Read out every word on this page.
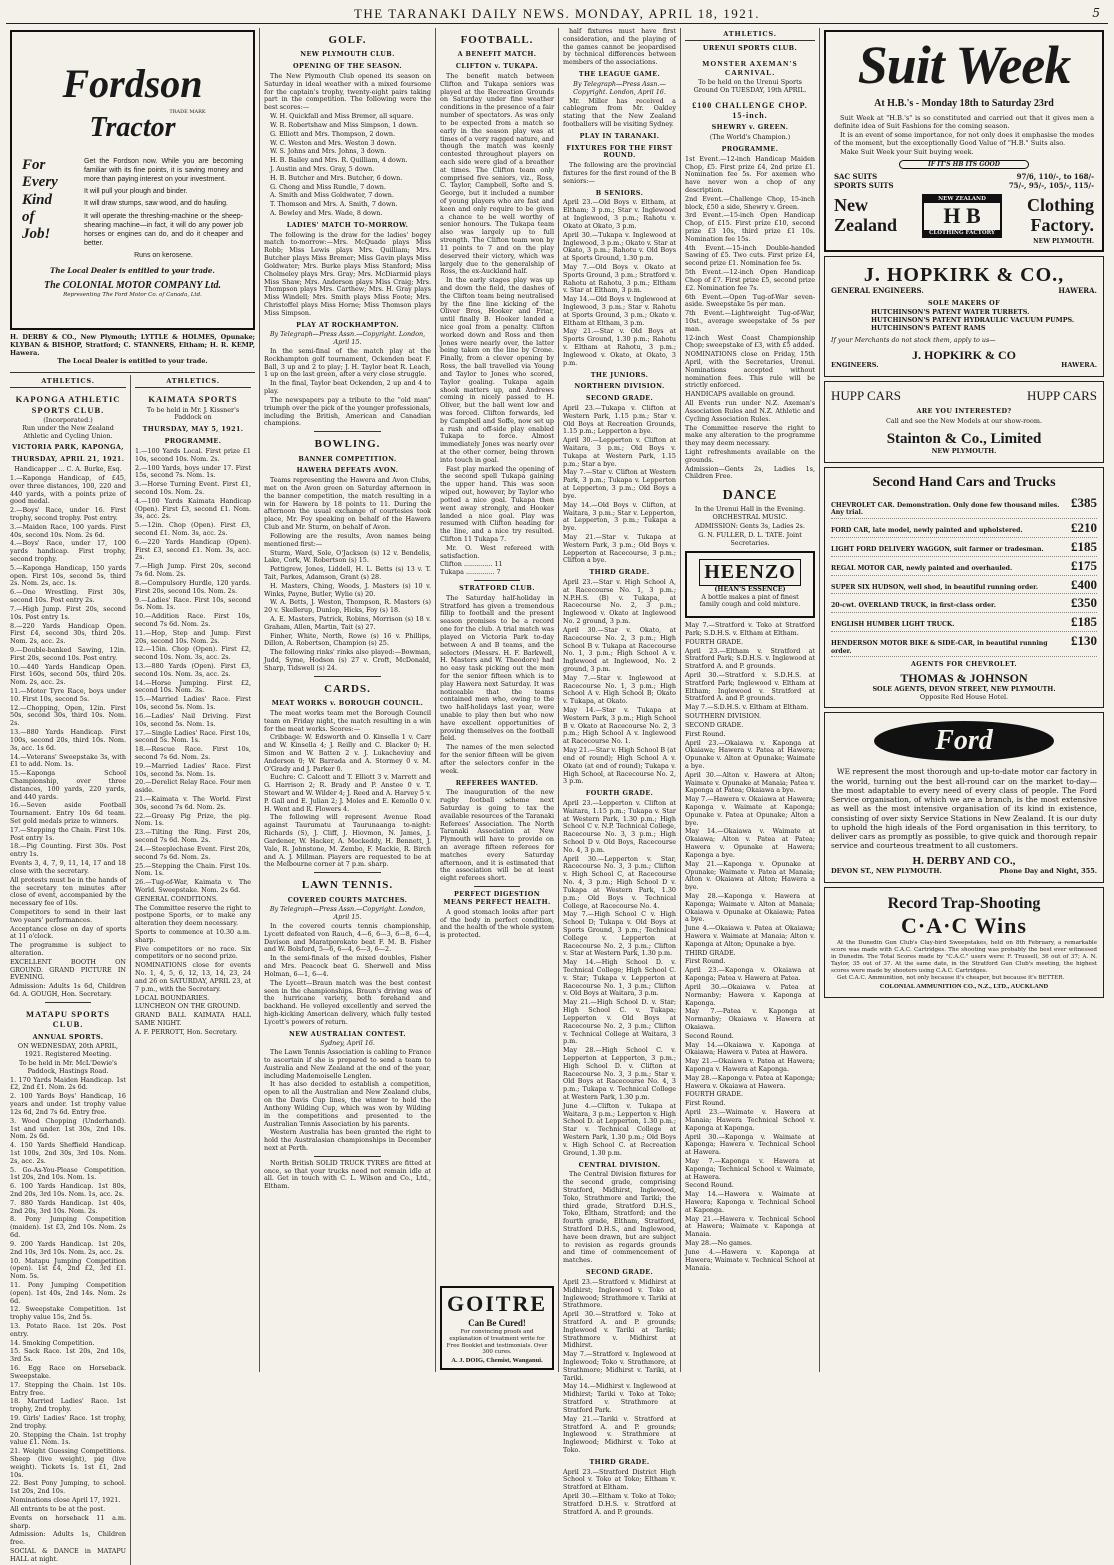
THE TARANAKI DAILY NEWS. MONDAY, APRIL 18, 1921.	5
Fordson
TRADE MARK
Tractor
For
Every
Kind
of
Job!

Get the Fordson now. While you are becoming familiar with its fine points, it is saving money and more than paying interest on your investment.

It will pull your plough and binder.

It will draw stumps, saw wood, and do hauling.

It will operate the threshing-machine or the sheep-shearing machine—in fact, it will do any power job horses or engines can do, and do it cheaper and better.

Runs on kerosene.

The Local Dealer is entitled to your trade.
The COLONIAL MOTOR COMPANY Ltd.
Representing The Ford Motor Co. of Canada, Ltd.

H. DERBY & CO., New Plymouth; LYTTLE & HOLMES, Opunake; KLYBAN & BISHOP, Stratford; C. STANNERS, Eltham; H. R. KEMP, Hawera.

The Local Dealer is entitled to your trade.

ATHLETICS.
KAPONGA ATHLETIC SPORTS CLUB.
(Incorporated.)

Run under the New Zealand Athletic and Cycling Union.

VICTORIA PARK, KAPONGA,
THURSDAY, APRIL 21, 1921.

Handicapper ... C. A. Burke, Esq.

1.—Kaponga Handicap, of £45, over three distances, 100, 220 and 440 yards, with a points prize of good medal.

2.—Boys' Race, under 16. First trophy, second trophy. Post entry.

3.—Maiden Race, 100 yards. First 40s, second 10s. Nom. 2s 6d.

4.—Boys' Race, under 17, 100 yards handicap. First trophy, second trophy.

5.—Kaponga Handicap, 150 yards open. First 10s, second 5s, third 2s. Nom. 2s, acc. 1s.

6.—One Wrestling. First 30s, second 10s. Post entry 2s.

7.—High Jump. First 20s, second 10s. Post entry 1s.

8.—220 Yards Handicap Open. First £4, second 30s, third 20s. Nom. 2s, acc. 2s.

9.—Double-banked Sawing, 12in. First 20s, second 10s. Post entry.

10.—440 Yards Handicap Open. First 160s, second 50s, third 20s. Nom. 2s, acc. 2s.

11.—Motor Tyre Race, boys under 10. First 10s, second 5s.

12.—Chopping, Open, 12in. First 50s, second 30s, third 10s. Nom. 2s.

13.—880 Yards Handicap. First 100s, second 20s, third 10s. Nom. 3s, acc. 1s 6d.

14.—Veterans' Sweepstake 3s, with £1 to add. Nom. 1s.

15.—Kaponga School Championship, over three distances, 100 yards, 220 yards, and 440 yards.

16.—Seven aside Football Tournament. Entry 10s 6d team. Set gold medals prize to winners.

17.—Stepping the Chain. First 10s. Post entry 1s.

18.—Pig Counting. First 30s. Post entry 1s.

Events 3, 4, 7, 9, 11, 14, 17 and 18 close with the secretary.

All protests must be in the hands of the secretary ten minutes after close of event, accompanied by the necessary fee of 10s.

Competitors to send in their last two years' performances.

Acceptance close on day of sports at 11 o'clock.

The programme is subject to alteration.

EXCELLENT BOOTH ON GROUND. GRAND PICTURE IN EVENING.

Admission: Adults 1s 6d, Children 6d. A. GOUGH, Hon. Secretary.

MATAPU SPORTS CLUB.
ANNUAL SPORTS.

ON WEDNESDAY, 20th APRIL, 1921. Registered Meeting.

To be held in Mr. McL'Dewie's Paddock, Hastings Road.

1. 170 Yards Maiden Handicap. 1st £2, 2nd £1. Nom. 2s 6d.

2. 100 Yards Boys' Handicap, 16 years and under. 1st trophy value 12s 6d, 2nd 7s 6d. Entry free.

3. Wood Chopping (Underhand). 1st and under. 1st 30s, 2nd 10s. Nom. 2s 6d.

4. 150 Yards Sheffield Handicap. 1st 100s, 2nd 30s, 3rd 10s. Nom. 2s, acc. 2s.

5. Go-As-You-Please Competition. 1st 20s, 2nd 10s. Nom. 1s.

6. 100 Yards Handicap. 1st 80s, 2nd 20s, 3rd 10s. Nom. 1s, acc. 2s.

7. 880 Yards Handicap. 1st 40s, 2nd 20s, 3rd 10s. Nom. 2s.

8. Pony Jumping Competition (maiden). 1st £3, 2nd 10s. Nom. 2s 6d.

9. 200 Yards Handicap. 1st 20s, 2nd 10s, 3rd 10s. Nom. 2s, acc. 2s.

10. Matapu Jumping Competition (open). 1st £4, 2nd £2, 3rd £1. Nom. 5s.

11. Pony Jumping Competition (open). 1st 40s, 2nd 14s. Nom. 2s 6d.

12. Sweepstake Competition. 1st trophy value 15s, 2nd 5s.

13. Potato Race. 1st 20s. Post entry.

14. Smoking Competition.

15. Sack Race. 1st 20s, 2nd 10s, 3rd 5s.

16. Egg Race on Horseback. Sweepstake.

17. Stepping the Chain. 1st 10s. Entry free.

18. Married Ladies' Race. 1st trophy, 2nd trophy.

19. Girls' Ladies' Race. 1st trophy, 2nd trophy.

20. Stepping the Chain. 1st trophy value £1. Nom. 1s.

21. Weight Guessing Competitions. Sheep (live weight), pig (live weight). Tickets 1s. 1st £1, 2nd 10s.

22. Best Pony Jumping, to school. 1st 20s, 2nd 10s.

Nominations close April 17, 1921.

All entrants to be at the post.

Events on horseback 11 a.m. sharp.

Admission: Adults 1s, Children free.

SOCIAL & DANCE in MATAPU HALL at night.

ATHLETICS.
KAIMATA SPORTS

To be held in Mr. J. Kissner's Paddock on

THURSDAY, MAY 5, 1921.
PROGRAMME.

1.—100 Yards Local. First prize £1 10s, second 10s. Nom. 2s.

2.—100 Yards, boys under 17. First 15s, second 7s. Nom. 1s.

3.—Horse Turning Event. First £1, second 10s. Nom. 2s.

4.—100 Yards Kaimata Handicap (Open). First £3, second £1. Nom. 3s, acc. 2s.

5.—12in. Chop (Open). First £3, second £1. Nom. 3s, acc. 2s.

6.—220 Yards Handicap (Open). First £3, second £1. Nom. 3s, acc. 2s.

7.—High Jump. First 20s, second 7s 6d. Nom. 2s.

8.—Compulsory Hurdle, 120 yards. First 20s, second 10s. Nom. 2s.

9.—Ladies' Race. First 10s, second 5s. Nom. 1s.

10.—Addition Race. First 10s, second 7s 6d. Nom. 2s.

11.—Hop, Step and Jump. First 20s, second 10s. Nom. 2s.

12.—15in. Chop (Open). First £2, second 10s. Nom. 3s, acc. 2s.

13.—880 Yards (Open). First £3, second 10s. Nom. 3s, acc. 2s.

14.—Horse Jumping. First £2, second 10s. Nom. 3s.

15.—Married Ladies' Race. First 10s, second 5s. Nom. 1s.

16.—Ladies' Nail Driving. First 10s, second 5s. Nom. 1s.

17.—Single Ladies' Race. First 10s, second 5s. Nom. 1s.

18.—Rescue Race. First 10s, second 7s 6d. Nom. 2s.

19.—Married Ladies' Race. First 10s, second 5s. Nom. 1s.

20.—Derelict Relay Race. Four men aside.

21.—Kaimata v. The World. First 30s, second 7s 6d. Nom. 2s.

22.—Greasy Pig Prize, the pig. Nom. 1s.

23.—Tilting the Ring. First 20s, second 7s 6d. Nom. 2s.

24.—Steeplechase Event. First 20s, second 7s 6d. Nom. 2s.

25.—Stepping the Chain. First 10s. Nom. 1s.

26.—Tug-of-War, Kaimata v. The World. Sweepstake. Nom. 2s 6d.

GENERAL CONDITIONS.

The Committee reserve the right to postpone Sports, or to make any alteration they deem necessary.

Sports to commence at 10.30 a.m. sharp.

Five competitors or no race. Six competitors or no second prize.

NOMINATIONS close for events No. 1, 4, 5, 6, 12, 13, 14, 23, 24 and 26 on SATURDAY, APRIL 23, at 7 p.m., with the Secretary.

LOCAL BOUNDARIES.

LUNCHEON ON THE GROUND.

GRAND BALL KAIMATA HALL SAME NIGHT.

A. F. PERROTT, Hon. Secretary.

GOLF.
NEW PLYMOUTH CLUB.
OPENING OF THE SEASON.

The New Plymouth Club opened its season on Saturday in ideal weather with a mixed foursome for the captain's trophy, twenty-eight pairs taking part in the competition. The following were the best scores:—

W. H. Quickfall and Miss Bremer, all square.

W. R. Robertshaw and Miss Simpson, 1 down.

G. Elliott and Mrs. Thompson, 2 down.

W. C. Weston and Mrs. Weston 3 down.

W. S. Johns and Mrs. Johns, 3 down.

H. B. Bailey and Mrs. R. Quilliam, 4 down.

J. Austin and Mrs. Gray, 5 down.

H. B. Butcher and Mrs. Butcher, 6 down.

G. Chong and Miss Rundle, 7 down.

A. Smith and Miss Goldwater, 7 down.

T. Thomson and Mrs. A. Smith, 7 down.

A. Bewley and Mrs. Wade, 8 down.

LADIES' MATCH TO-MORROW.

The following is the draw for the ladies' bogey match to-morrow:—Mrs. McQuade plays Miss Robb; Miss Lewis plays Mrs. Quilliam; Mrs. Butcher plays Miss Bremer; Miss Gavin plays Miss Goldwater; Mrs. Burke plays Miss Stanford; Miss Cholmeley plays Mrs. Gray; Mrs. McDiarmid plays Miss Shaw; Mrs. Anderson plays Miss Craig; Mrs. Thompson plays Mrs. Carthew; Mrs. H. Gray plays Miss Windell; Mrs. Smith plays Miss Foote; Mrs. Christoffel plays Miss Horne; Miss Thomson plays Miss Simpson.

PLAY AT ROCKHAMPTON.

By Telegraph—Press Assn.—Copyright. London, April 15.

In the semi-final of the match play at the Rockhampton golf tournament, Ockenden beat F. Ball, 3 up and 2 to play; J. H. Taylor beat R. Leach, 1 up on the last green, after a very close struggle.

In the final, Taylor beat Ockenden, 2 up and 4 to play.

The newspapers pay a tribute to the "old man" triumph over the pick of the younger professionals, including the British, American and Canadian champions.

BOWLING.
BANNER COMPETITION.
HAWERA DEFEATS AVON.

Teams representing the Hawera and Avon Clubs, met on the Avon green on Saturday afternoon in the banner competition, the match resulting in a win for Hawera by 18 points to 11. During the afternoon the usual exchange of courtesies took place, Mr. Foy speaking on behalf of the Hawera Club and Mr. Sturm, on behalf of Avon.

Following are the results, Avon names being mentioned first:—

Sturm, Ward, Sole, O'Jackson (s) 12 v. Bendelis, Lake, Cork, W. Robertson (s) 15.

Pettigrew, Jones, Liddell, H. L. Betts (s) 13 v. T. Tait, Parkes, Adamson, Grant (s) 28.

H. Masters, Ching, Woods, J. Masters (s) 10 v. Winks, Payne, Butler, Wylie (s) 20.

W. A. Betts, J. Weston, Thompson, R. Masters (s) 20 v. Skellerup, Dunlop, Hicks, Foy (s) 18.

A. E. Masters, Patrick, Robins, Morrison (s) 18 v. Graham, Allen, Martin, Tait (s) 27.

Finher, White, North, Rowe (s) 16 v. Phillips, Dillon, A. Robertson, Champion (s) 25.

The following rinks' rinks also played:—Bowman, Judd, Syme, Hodson (s) 27 v. Croft, McDonald, Sharp, Tidswell (s) 24.

CARDS.
MEAT WORKS v. BOROUGH COUNCIL.

The meat works team met the Borough Council team on Friday night, the match resulting in a win for the meat works. Scores:—

Cribbage: W. Edsworth and O. Kinsella 1 v. Carr and W. Kinsella 4; J. Reilly and C. Blacker 0; H. Simon and W. Batten 2 v. J. Lukacheviuy and Anderson 0; W. Barrada and A. Stormey 0 v. M. O'Grady and J. Parker 0.

Euchre: C. Calcott and T. Elliott 3 v. Marrett and G. Harrison 2; R. Brady and P. Anstee 0 v. T. Stewart and W. Wilder 4; J. Reed and A. Harvey 5 v. P. Gall and E. Julian 2; J. Moles and E. Kemollo 0 v. H. Went and R. Flowers 4.

The following will represent Avenue Road against Taurumatu at Taurunaanga to-night: Richards (S), J. Cliff, J. Hiovmon, N. James, J. Gardener, W. Hacker, A. Meckeddy, H. Bennett, J. Vale, R. Johnstone, M. Zembo, F. Mackie, R. Birch and A. J. Millman. Players are requested to be at the Melbourne corner at 7 p.m. sharp.

LAWN TENNIS.
COVERED COURTS MATCHES.

By Telegraph—Press Assn.—Copyright. London, April 15.

In the covered courts tennis championship, Lycett defeated von Rauch, 4—6, 6—3, 6—8, 6—4, Davison and Maratporokato beat F. M. B. Fisher and W. Bolsford, 5—6, 6—4, 6—3, 6—2.

In the semi-finals of the mixed doubles, Fisher and Mrs. Peacock beat G. Sherwell and Miss Holman, 6—1, 6—4.

The Lycett—Braun match was the best contest seen in the championships. Braun's driving was of the hurricane variety, both forehand and backhand. He volleyed excellently and served the high-kicking American delivery, which fully tested Lycett's powers of return.

NEW AUSTRALIAN CONTEST.

Sydney, April 16.

The Lawn Tennis Association is cabling to France to ascertain if she is prepared to send a team to Australia and New Zealand at the end of the year, including Mademoiselle Lenglen.

It has also decided to establish a competition, open to all the Australian and New Zealand clubs, on the Davis Cup lines, the winner to hold the Anthony Wilding Cup, which was won by Wilding in the competitions and presented to the Australian Tennis Association by his parents.

Western Australia has been granted the right to hold the Australasian championships in December next at Perth.

North British SOLID TRUCK TYRES are fitted at once, so that your trucks need not remain idle at all. Get in touch with C. L. Wilson and Co., Ltd., Eltham.

FOOTBALL.
A BENEFIT MATCH.
CLIFTON v. TUKAPA.

The benefit match between Clifton and Tukapa seniors was played at the Recreation Grounds on Saturday under fine weather conditions in the presence of a fair number of spectators. As was only to be expected from a match so early in the season play was at times of a very ragged nature, and though the match was keenly contested throughout players on each side were glad of a breather at times. The Clifton team only comprised five seniors, viz., Ross, C. Taylor, Campbell, Softe and S. George, but it included a number of young players who are fast and keen and only require to be given a chance to be well worthy of senior honours. The Tukapa team also was largely up to full strength. The Clifton team won by 11 points to 7 and on the play deserved their victory, which was largely due to the generalship of Ross, the ex-Auckland half.

In the early stages play was up and down the field, the dashes of the Clifton team being neutralised by the fine line kicking of the Oliver Bros, Hooker and Friar, until finally B. Hooker landed a nice goal from a penalty. Clifton worked down and Ross and then Jones were nearly over, the latter being taken on the line by Crone. Finally, from a clever opening by Ross, the ball travelled via Young and Taylor to Jones who scored, Taylor goaling. Tukapa again shook matters up, and Andrews coming in nicely passed to H. Oliver, but the ball went low and was forced. Clifton forwards, led by Campbell and Soffe, now set up a rush and off-side play enabled Tukapa to force. Almost immediately Jones was nearly over at the other corner, being thrown into touch in goal.

Fast play marked the opening of the second spell Tukapa gaining the upper hand. This was soon wiped out, however, by Taylor who potted a nice goal. Tukapa then went away strongly, and Hooker landed a nice goal. Play was resumed with Clifton heading for the line, and a nice try resulted. Clifton 11 Tukapa 7.

Mr. O. West refereed with satisfaction.

Clifton .............. 11
Tukapa .............. 7
STRATFORD CLUB.

The Saturday half-holiday in Stratford has given a tremendous fillip to football and the present season promises to be a record one for the club. A trial match was played on Victoria Park to-day between A and B teams, and the selectors (Messrs. H. F. Barkwell, H. Masters and W. Theodore) had no easy task picking out the men for the senior fifteen which is to play Hawera next Saturday. It was noticeable that the teams contained men who, owing to the two half-holidays last year, were unable to play then but who now have excellent opportunities of proving themselves on the football field.

The names of the men selected for the senior fifteen will be given after the selectors confer in the week.

REFEREES WANTED.

The inauguration of the new rugby football scheme next Saturday is going to tax the available resources of the Taranaki Referees' Association. The North Taranaki Association at New Plymouth will have to provide on an average fifteen referees for matches every Saturday afternoon, and it is estimated that the association will be at least eight referees short.

PERFECT DIGESTION MEANS PERFECT HEALTH.

A good stomach looks after part of the body in perfect condition, and the health of the whole system is protected.

GOITRE
Can Be Cured!

For convincing proofs and explanation of treatment write for Free Booklet and testimonials. Over 300 cures.

A. J. DOIG, Chemist, Wanganui.

half fixtures must have first consideration, and the playing of the games cannot be jeopardised by technical differences between members of the associations.

THE LEAGUE GAME.

By Telegraph—Press Assn.—Copyright. London, April 16.

Mr. Miller has received a cablegram from Mr. Oakley stating that the New Zealand footballers will be visiting Sydney.

PLAY IN TARANAKI.
FIXTURES FOR THE FIRST ROUND.

The following are the provincial fixtures for the first round of the B seniors:—

B SENIORS.

April 23.—Old Boys v. Eltham, at Eltham; 3 p.m.; Star v. Inglewood at Inglewood, 3 p.m.; Rahotu v. Okato at Okato, 3 p.m.

April 30.—Tukapa v. Inglewood at Inglewood, 3 p.m.; Okato v. Star at Okato, 3 p.m.; Rahotu v. Old Boys at Sports Ground, 1.30 p.m.

May 7.—Old Boys v. Okato at Sports Ground, 3 p.m.; Stratford v. Rahotu at Rahotu, 3 p.m.; Eltham v. Star at Eltham, 3 p.m.

May 14.—Old Boys v. Inglewood at Inglewood, 3 p.m.; Star v. Rahotu at Sports Ground, 3 p.m.; Okato v. Eltham at Eltham, 3 p.m.

May 21.—Star v. Old Boys at Sports Ground, 1.30 p.m.; Rahotu v. Eltham at Rahotu, 3 p.m.; Inglewood v. Okato, at Okato, 3 p.m.

THE JUNIORS.
NORTHERN DIVISION.
SECOND GRADE.

April 23.—Tukapa v. Clifton at Western Park, 1.15 p.m.; Star v. Old Boys at Recreation Grounds, 1.15 p.m.; Lepperton a bye.

April 30.—Lepperton v. Clifton at Waitara, 3 p.m.; Old Boys v. Tukapa at Western Park, 1.15 p.m.; Star a bye.

May 7.—Star v. Clifton at Western Park, 3 p.m.; Tukapa v. Lepperton at Lepperton, 3 p.m.; Old Boys a bye.

May 14.—Old Boys v. Clifton, at Waitara, 3 p.m.; Star v. Lepperton, at Lepperton, 3 p.m.; Tukapa a bye.

May 21.—Star v. Tukapa at Western Park, 3 p.m.; Old Boys v. Lepperton at Racecourse, 3 p.m.; Clifton a bye.

THIRD GRADE.

April 23.—Star v. High School A, at Racecourse No. 1, 3 p.m.; N.P.H.S. (B) v. Tukapa, at Racecourse No. 2, 3 p.m.; Inglewood v. Okato at Inglewood No. 2 ground, 3 p.m.

April 30.—Star v. Okato, at Racecourse No. 2, 3 p.m.; High School B v. Tukapa at Racecourse No. 1, 3 p.m.; High School A v. Inglewood at Inglewood, No. 2 ground, 3 p.m.

May 7.—Star v. Inglewood at Racecourse No. 1, 3 p.m.; High School A v. High School B; Okato v. Tukapa, at Okato.

May 14.—Star v. Tukapa at Western Park, 3 p.m.; High School B v. Okato at Racecourse No. 2, 3 p.m.; High School A v. Inglewood at Racecourse No. 1.

May 21.—Star v. High School B (at end of round); High School A v. Okato (at end of round); Tukapa v. High School, at Racecourse No. 2, 3 p.m.

FOURTH GRADE.

April 23.—Lepperton v. Clifton at Waitara, 1.15 p.m.; Tukapa v. Star at Western Park, 1.30 p.m.; High School C v. N.P. Technical College, Racecourse No. 3, 3 p.m.; High School D v. Old Boys, Racecourse No. 4, 3 p.m.

April 30.—Lepperton v. Star, Racecourse No. 3, 3 p.m.; Clifton v. High School C, at Racecourse No. 4, 3 p.m.; High School D v. Tukapa at Western Park, 1.30 p.m.; Old Boys v. Technical College, at Racecourse No. 4.

May 7.—High School C v. High School D; Tukapa v. Old Boys at Sports Ground, 3 p.m.; Technical College v. Lepperton at Racecourse No. 2, 3 p.m.; Clifton v. Star at Western Park, 1.30 p.m.

May 14.—High School D. v. Technical College; High School C. v. Star; Tukapa v. Lepperton at Racecourse No. 1, 3 p.m.; Clifton v. Old Boys at Waitara, 3 p.m.

May 21.—High School D. v. Star; High School C. v. Tukapa; Lepperton v. Old Boys at Racecourse No. 2, 3 p.m.; Clifton v. Technical College at Waitara, 3 p.m.

May 28.—High School C. v. Lepperton at Lepperton, 3 p.m.; High School D. v. Clifton at Racecourse No. 3, 3 p.m.; Star v. Old Boys at Racecourse No. 4, 3 p.m.; Tukapa v. Technical College at Western Park, 1.30 p.m.

June 4.—Clifton v. Tukapa at Waitara, 3 p.m.; Lepperton v. High School D. at Lepperton, 1.30 p.m.; Star v. Technical College at Western Park, 1.30 p.m.; Old Boys v. High School C. at Recreation Ground, 1.30 p.m.

CENTRAL DIVISION.

The Central Division fixtures for the second grade, comprising Stratford, Midhirst, Inglewood, Toko, Strathmore and Tariki; the third grade, Stratford D.H.S., Toko, Eltham, Stratford; and the fourth grade, Eltham, Stratford, Stratford D.H.S., and Inglewood, have been drawn, but are subject to revision as regards grounds and time of commencement of matches.

SECOND GRADE.

April 23.—Stratford v. Midhirst at Midhirst; Inglewood v. Toko at Inglewood; Strathmore v. Tariki at Strathmore.

April 30.—Stratford v. Toko at Stratford A. and P. grounds; Inglewood v. Tariki at Tariki; Strathmore v. Midhirst at Midhirst.

May 7.—Stratford v. Inglewood at Inglewood; Toko v. Strathmore, at Strathmore; Midhirst v. Tariki, at Tariki.

May 14.—Midhirst v. Inglewood at Midhirst; Tariki v. Toko at Toko; Stratford v. Strathmore at Stratford Park.

May 21.—Tariki v. Stratford at Stratford A. and P. grounds; Inglewood v. Strathmore at Inglewood; Midhirst v. Toko at Toko.

THIRD GRADE.

April 23.—Stratford District High School v. Toko at Toko; Eltham v. Stratford at Eltham.

April 30.—Eltham v. Toko at Toko; Stratford D.H.S. v. Stratford at Stratford A. and P. grounds.

ATHLETICS.
URENUI SPORTS CLUB.
MONSTER AXEMAN'S CARNIVAL.

To be held on the Urenui Sports Ground On TUESDAY, 19th APRIL.

£100 CHALLENGE CHOP. 15-inch.
SHEWRY v. GREEN.

(The World's Champion.)

PROGRAMME.

1st Event.—12-inch Handicap Maiden Chop, £5. First prize £4, 2nd prize £1. Nomination fee 5s. For axemen who have never won a chop of any description.

2nd Event.—Challenge Chop, 15-inch block, £50 a side, Shewry v. Green.

3rd Event.—15-inch Open Handicap Chop, of £15. First prize £10, second prize £3 10s, third prize £1 10s. Nomination fee 15s.

4th Event.—15-inch Double-handed Sawing of £5. Two cuts. First prize £4, second prize £1. Nomination fee 5s.

5th Event.—12-inch Open Handicap Chop of £7. First prize £5, second prize £2. Nomination fee 7s.

6th Event.—Open Tug-of-War seven-aside. Sweepstake 5s per man.

7th Event.—Lightweight Tug-of-War, 10st., average sweepstake of 5s per man.

12-inch West Coast Championship Chop; sweepstake of £3, with £5 added.

NOMINATIONS close on Friday, 15th April, with the Secretaries, Urenui. Nominations accepted without nomination fees. This rule will be strictly enforced.

HANDICAPS available on ground.

All Events run under N.Z. Axeman's Association Rules and N.Z. Athletic and Cycling Association Rules.

The Committee reserve the right to make any alteration to the programme they may deem necessary.

Light refreshments available on the grounds.

Admission—Gents 2s, Ladies 1s, Children Free.

DANCE

In the Urenui Hall in the Evening. ORCHESTRAL MUSIC.

ADMISSION: Gents 3s, Ladies 2s.

G. N. FULLER, D. L. TATE. Joint Secretaries.

HEENZO
(HEAN'S ESSENCE)

A bottle makes a pint of finest family cough and cold mixture.

May 7.—Stratford v. Toko at Stratford Park; S.D.H.S. v. Eltham at Eltham.

FOURTH GRADE.

April 23.—Eltham v. Stratford at Stratford Park; S.D.H.S. v. Inglewood at Stratford A. and P. grounds.

April 30.—Stratford v. S.D.H.S. at Stratford Park; Inglewood v. Eltham at Eltham; Inglewood v. Stratford at Stratford A. and P. grounds.

May 7.—S.D.H.S. v. Eltham at Eltham.

SOUTHERN DIVISION.

SECOND GRADE.

First Round.

April 23.—Okaiawa v. Kaponga at Okaiawa; Hawera v. Patea at Hawera; Opunake v. Alton at Opunake; Waimate a bye.

April 30.—Alton v. Hawera at Alton; Waimate v. Opunake at Manaia; Patea v. Kaponga at Patea; Okaiawa a bye.

May 7.—Hawera v. Okaiawa at Hawera; Kaponga v. Waimate at Kaponga; Opunake v. Patea at Opunake; Alton a bye.

May 14.—Okaiawa v. Waimate at Okaiawa; Alton v. Patea at Patea; Hawera v. Opunake at Hawera; Kaponga a bye.

May 21.—Kaponga v. Opunake at Opunake; Waimate v. Patea at Manaia; Alton v. Okaiawa at Alton; Hawera a bye.

May 28.—Kaponga v. Hawera at Kaponga; Waimate v. Alton at Manaia; Okaiawa v. Opunake at Okaiawa; Patea a bye.

June 4.—Okaiawa v. Patea at Okaiawa; Hawera v. Waimate at Manaia; Alton v. Kaponga at Alton; Opunake a bye.

THIRD GRADE.

First Round.

April 23.—Kaponga v. Okaiawa at Kaponga; Patea v. Hawera at Patea.

April 30.—Okaiawa v. Patea at Normanby; Hawera v. Kaponga at Kaponga.

May 7.—Patea v. Kaponga at Normanby; Okaiawa v. Hawera at Okaiawa.

Second Round.

May 14.—Okaiawa v. Kaponga at Okaiawa; Hawera v. Patea at Hawera.

May 21.—Okaiawa v. Patea at Hawera; Kaponga v. Hawera at Kaponga.

May 28.—Kaponga v. Patea at Kaponga; Hawera v. Okaiawa at Hawera.

FOURTH GRADE.

First Round.

April 23.—Waimate v. Hawera at Manaia; Hawera Technical School v. Kaponga at Kaponga.

April 30.—Kaponga v. Waimate at Kaponga; Hawera v. Technical School at Hawera.

May 7.—Kaponga v. Hawera at Kaponga; Technical School v. Waimate, at Hawera.

Second Round.

May 14.—Hawera v. Waimate at Hawera; Kaponga v. Technical School at Kaponga.

May 21.—Hawera v. Technical School at Hawera; Waimate v. Kaponga at Manaia.

May 28.—No games.

June 4.—Hawera v. Kaponga at Hawera; Waimate v. Technical School at Manaia.

Suit Week
At H.B.'s - Monday 18th to Saturday 23rd

Suit Week at "H.B.'s" is so constituted and carried out that it gives men a definite idea of Suit Fashions for the coming season.

It is an event of some importance, for not only does it emphasise the modes of the moment, but the exceptionally Good Value of "H.B." Suits also.

Make Suit Week your Suit buying week.

IF IT'S HB ITS GOOD
SAC SUITS	97/6, 110/-, to 168/-
SPORTS SUITS	75/-, 95/-, 105/-, 115/-
New
Zealand
NEW ZEALAND
H B
CLOTHING FACTORY
Clothing
Factory.
NEW PLYMOUTH.
J. HOPKIRK & CO.,
GENERAL ENGINEERS.	HAWERA.
SOLE MAKERS OF
HUTCHINSON'S PATENT WATER TURBETS.
HUTCHINSON'S PATENT HYDRAULIC VACUUM PUMPS.
HUTCHINSON'S PATENT RAMS
If your Merchants do not stock them, apply to us—
J. HOPKIRK & CO
ENGINEERS.	HAWERA.
HUPP CARS	HUPP CARS
ARE YOU INTERESTED?
Call and see the New Models at our show-room.
Stainton & Co., Limited
NEW PLYMOUTH.
Second Hand Cars and Trucks
CHEVROLET CAR. Demonstration. Only done few thousand miles. Any trial.
£385
FORD CAR, late model, newly painted and upholstered.	£210
LIGHT FORD DELIVERY WAGGON, suit farmer or tradesman.	£185
REGAL MOTOR CAR, newly painted and overhauled.	£175
SUPER SIX HUDSON, well shod, in beautiful running order.	£400
20-cwt. OVERLAND TRUCK, in first-class order.	£350
ENGLISH HUMBER LIGHT TRUCK.	£185
HENDERSON MOTOR BIKE & SIDE-CAR, in beautiful running order.
£130
AGENTS FOR CHEVROLET.
THOMAS & JOHNSON
SOLE AGENTS, DEVON STREET, NEW PLYMOUTH.
Opposite Red House Hotel.
Ford

WE represent the most thorough and up-to-date motor car factory in the world, turning out the best all-round car on the market to-day—the most adaptable to every need of every class of people. The Ford Service organisation, of which we are a branch, is the most extensive as well as the most intensive organisation of its kind in existence, consisting of over sixty Service Stations in New Zealand. It is our duty to uphold the high ideals of the Ford organisation in this territory, to deliver cars as promptly as possible, to give quick and thorough repair service and courteous treatment to all customers.

H. DERBY AND CO.,
DEVON ST., NEW PLYMOUTH.	Phone Day and Night, 355.
Record Trap-Shooting
C·A·C Wins

At the Dunedin Gun Club's Clay-bird Sweepstakes, held on 8th February, a remarkable score was made with C.A.C. Cartridges. The shooting was probably the best ever witnessed in Dunedin. The Total Scores made by "C.A.C." users were: F. Trussell, 36 out of 37; A. N. Taylor, 35 out of 37. At the same date, in the Stratford Gun Club's meeting, the highest scores were made by shooters using C.A.C. Cartridges.

Get C.A.C. Ammunition, not only because it's cheaper, but because it's BETTER.

COLONIAL AMMUNITION CO., N.Z., LTD., AUCKLAND
